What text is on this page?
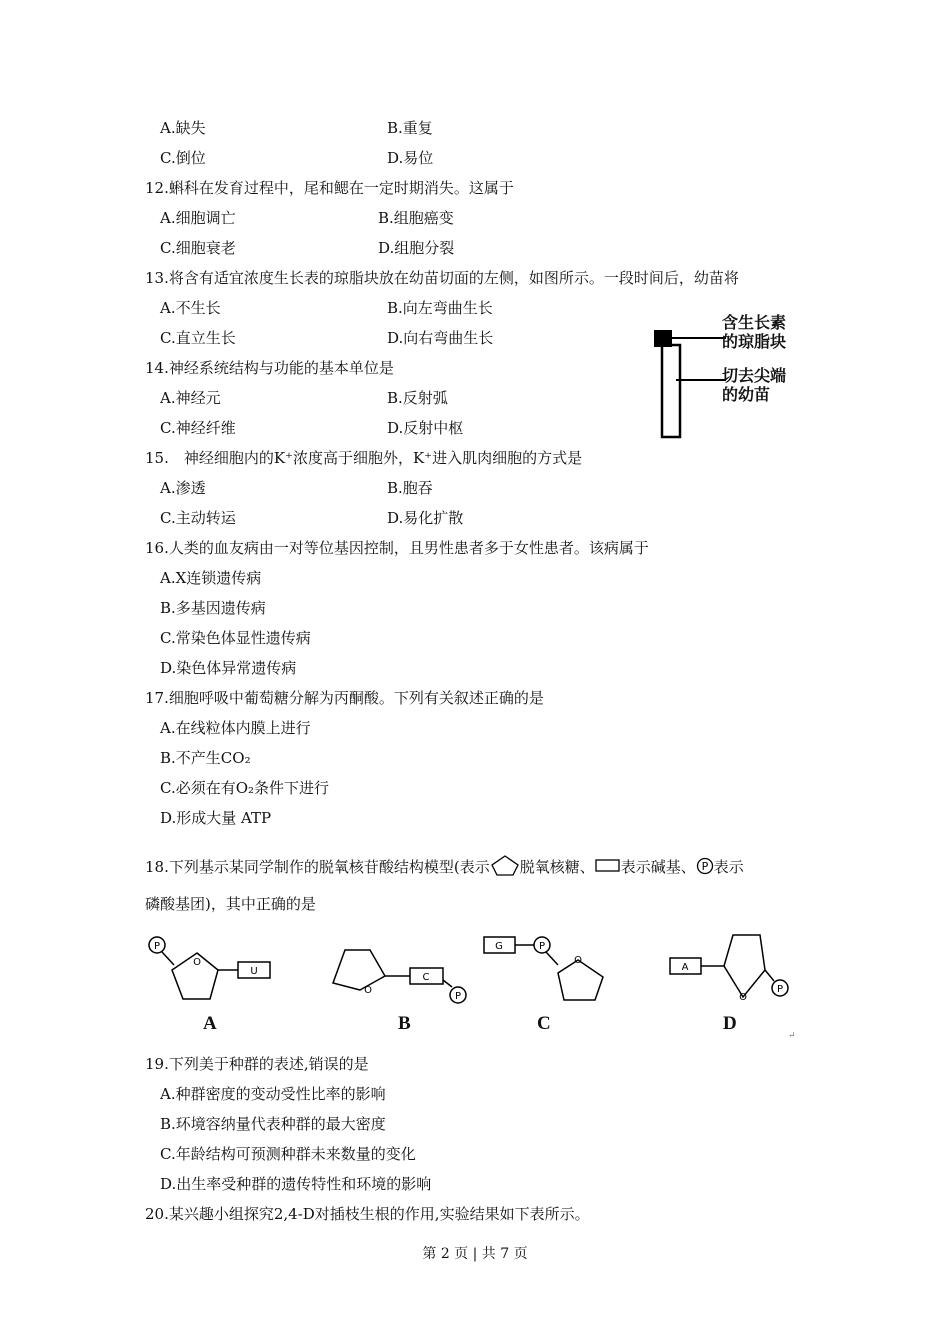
A.缺失	B.重复
C.倒位	D.易位
12.蝌科在发育过程中，尾和鳃在一定时期消失。这属于
A.细胞调亡	B.组胞癌变
C.细胞衰老	D.组胞分裂
13.将含有适宜浓度生长表的琼脂块放在幼苗切面的左侧，如图所示。一段时间后，幼苗将
A.不生长	B.向左弯曲生长
C.直立生长	D.向右弯曲生长
含生长素
的琼脂块
切去尖端
的幼苗
14.神经系统结构与功能的基本单位是
A.神经元	B.反射弧
C.神经纤维	D.反射中枢
15.　神经细胞内的K⁺浓度高于细胞外，K⁺进入肌肉细胞的方式是
A.渗透	B.胞吞
C.主动转运	D.易化扩散
16.人类的血友病由一对等位基因控制，且男性患者多于女性患者。该病属于
A.X连锁遗传病
B.多基因遗传病
C.常染色体显性遗传病
D.染色体异常遗传病
17.细胞呼吸中葡萄糖分解为丙酮酸。下列有关叙述正确的是
A.在线粒体内膜上进行
B.不产生CO₂
C.必须在有O₂条件下进行
D.形成大量 ATP
18.下列基示某同学制作的脱氧核苷酸结构模型(表示 脱氧核糖、 表示碱基、 P 表示
磷酸基团)，其中正确的是
P
O
U
O
C
P
G	P
O
A
O
P
A	B	C	D
↵
19.下列美于种群的表述,销误的是
A.种群密度的变动受性比率的影响
B.环境容纳量代表种群的最大密度
C.年龄结构可预测种群未来数量的变化
D.出生率受种群的遗传特性和环境的影响
20.某兴趣小组探究2,4-D对插枝生根的作用,实验结果如下表所示。
第 2 页 | 共 7 页
